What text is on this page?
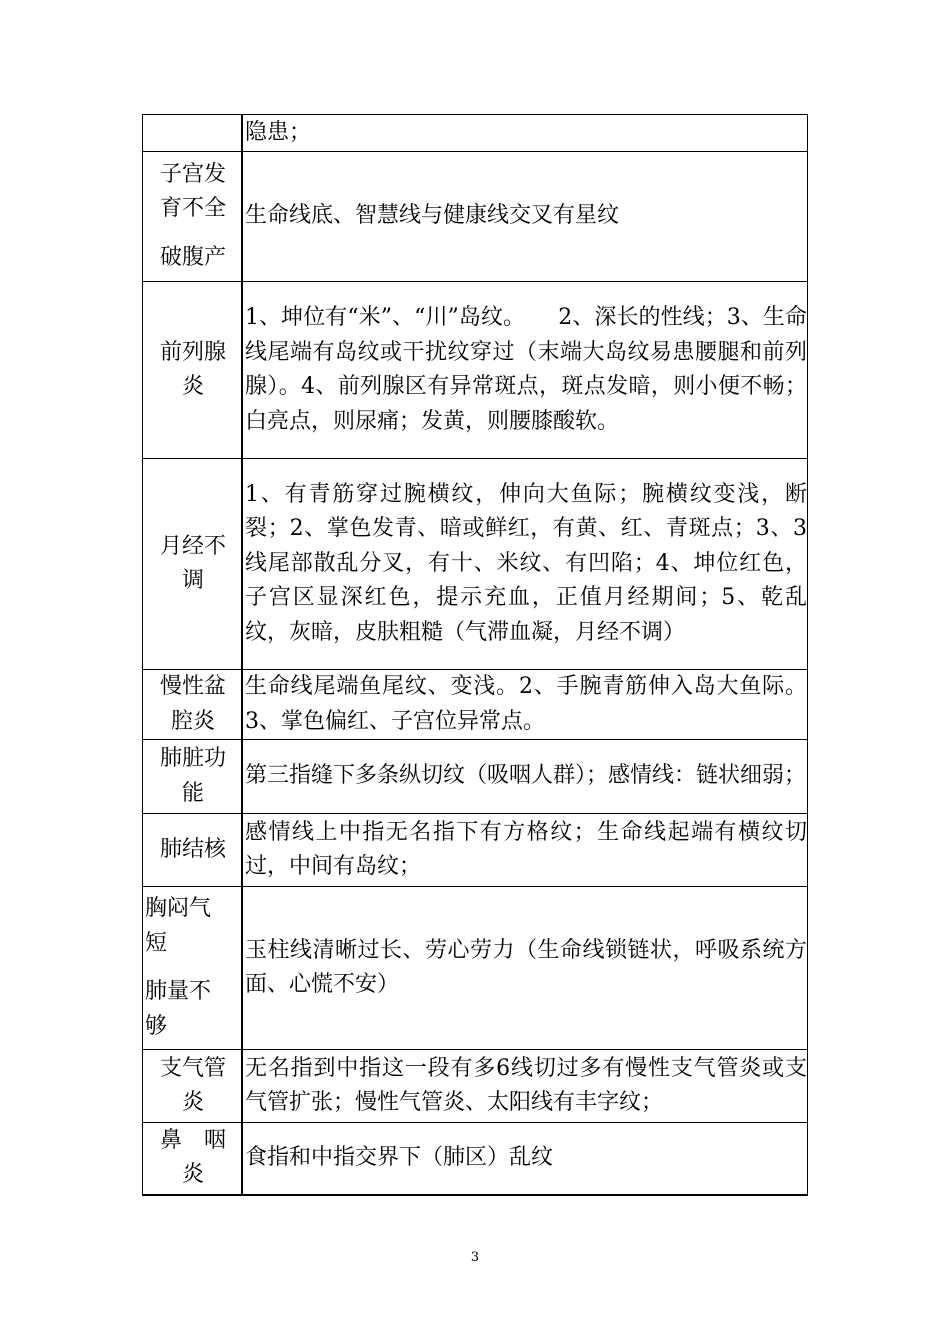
	隐患；

子宫发
育不全
破腹产	生命线底、智慧线与健康线交叉有星纹

前列腺
炎	1、坤位有“米”、“川”岛纹。　　2、深长的性线；3、生命线尾端有岛纹或干扰纹穿过（末端大岛纹易患腰腿和前列腺）。4、前列腺区有异常斑点，斑点发暗，则小便不畅；白亮点，则尿痛；发黄，则腰膝酸软。

月经不
调	1、有青筋穿过腕横纹，伸向大鱼际；腕横纹变浅，断裂；2、掌色发青、暗或鲜红，有黄、红、青斑点；3、3线尾部散乱分叉，有十、米纹、有凹陷；4、坤位红色，子宫区显深红色，提示充血，正值月经期间；5、乾乱纹，灰暗，皮肤粗糙（气滞血凝，月经不调）

慢性盆
腔炎	生命线尾端鱼尾纹、变浅。2、手腕青筋伸入岛大鱼际。3、掌色偏红、子宫位异常点。

肺脏功
能	第三指缝下多条纵切纹（吸咽人群）；感情线：链状细弱；

肺结核	感情线上中指无名指下有方格纹；生命线起端有横纹切过，中间有岛纹；

胸闷气
短
肺量不
够	玉柱线清晰过长、劳心劳力（生命线锁链状，呼吸系统方面、心慌不安）

支气管
炎	无名指到中指这一段有多6线切过多有慢性支气管炎或支气管扩张；慢性气管炎、太阳线有丰字纹；

鼻　咽
炎	食指和中指交界下（肺区）乱纹
3
